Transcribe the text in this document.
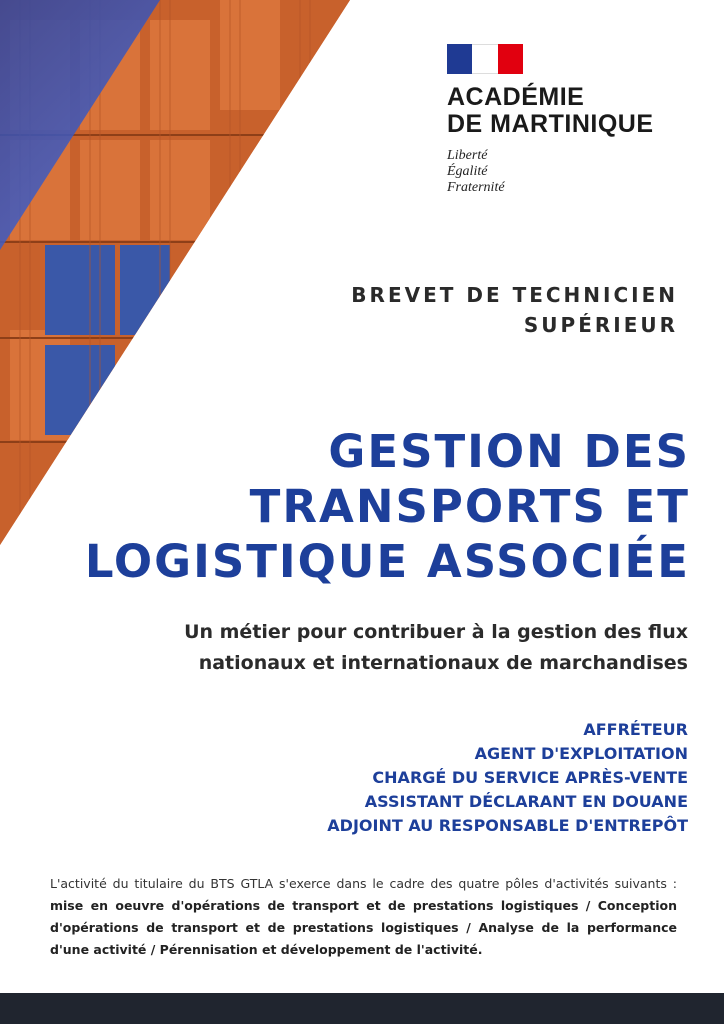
ACADÉMIE
DE MARTINIQUE
Liberté
Égalité
Fraternité
BREVET DE TECHNICIEN
SUPÉRIEUR
GESTION DES
TRANSPORTS ET
LOGISTIQUE ASSOCIÉE
Un métier pour contribuer à la gestion des flux nationaux et internationaux de marchandises
AFFRÉTEUR
AGENT D'EXPLOITATION
CHARGÉ DU SERVICE APRÈS-VENTE
ASSISTANT DÉCLARANT EN DOUANE
ADJOINT AU RESPONSABLE D'ENTREPÔT

L'activité du titulaire du BTS GTLA s'exerce dans le cadre des quatre pôles d'activités suivants : mise en oeuvre d'opérations de transport et de prestations logistiques / Conception d'opérations de transport et de prestations logistiques / Analyse de la performance d'une activité / Pérennisation et développement de l'activité.
